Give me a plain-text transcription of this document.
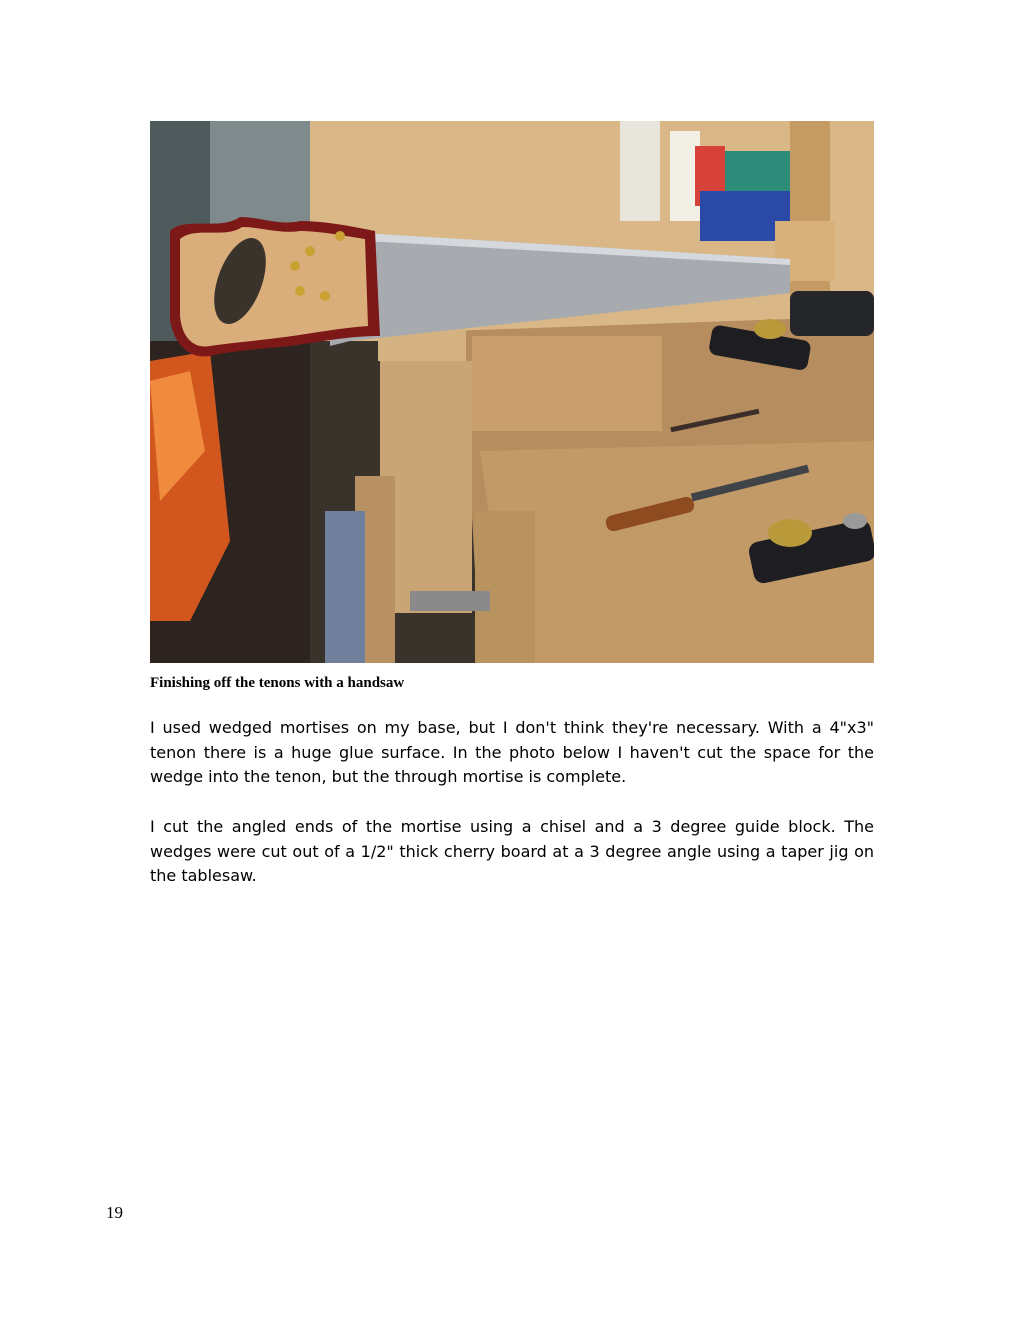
Finishing off the tenons with a handsaw

I used wedged mortises on my base, but I don't think they're necessary. With a 4"x3" tenon there is a huge glue surface. In the photo below I haven't cut the space for the wedge into the tenon, but the through mortise is complete.

I cut the angled ends of the mortise using a chisel and a 3 degree guide block. The wedges were cut out of a 1/2" thick cherry board at a 3 degree angle using a taper jig on the tablesaw.

19
